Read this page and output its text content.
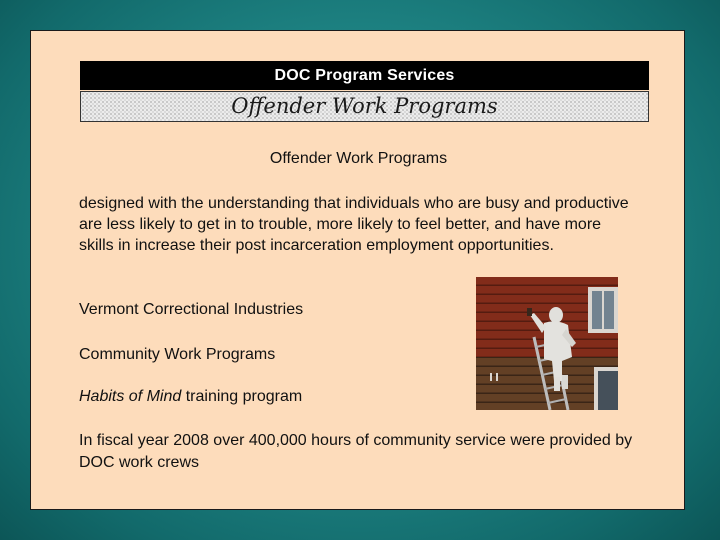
DOC Program Services
Offender Work Programs
Offender Work Programs

designed with the understanding that individuals who are busy and productive are less likely to get in to trouble, more likely to feel better, and have more skills in increase their post incarceration employment opportunities.

Vermont Correctional Industries
Community Work Programs
Habits of Mind training program

In fiscal year 2008 over 400,000 hours of community service were provided by DOC work crews
